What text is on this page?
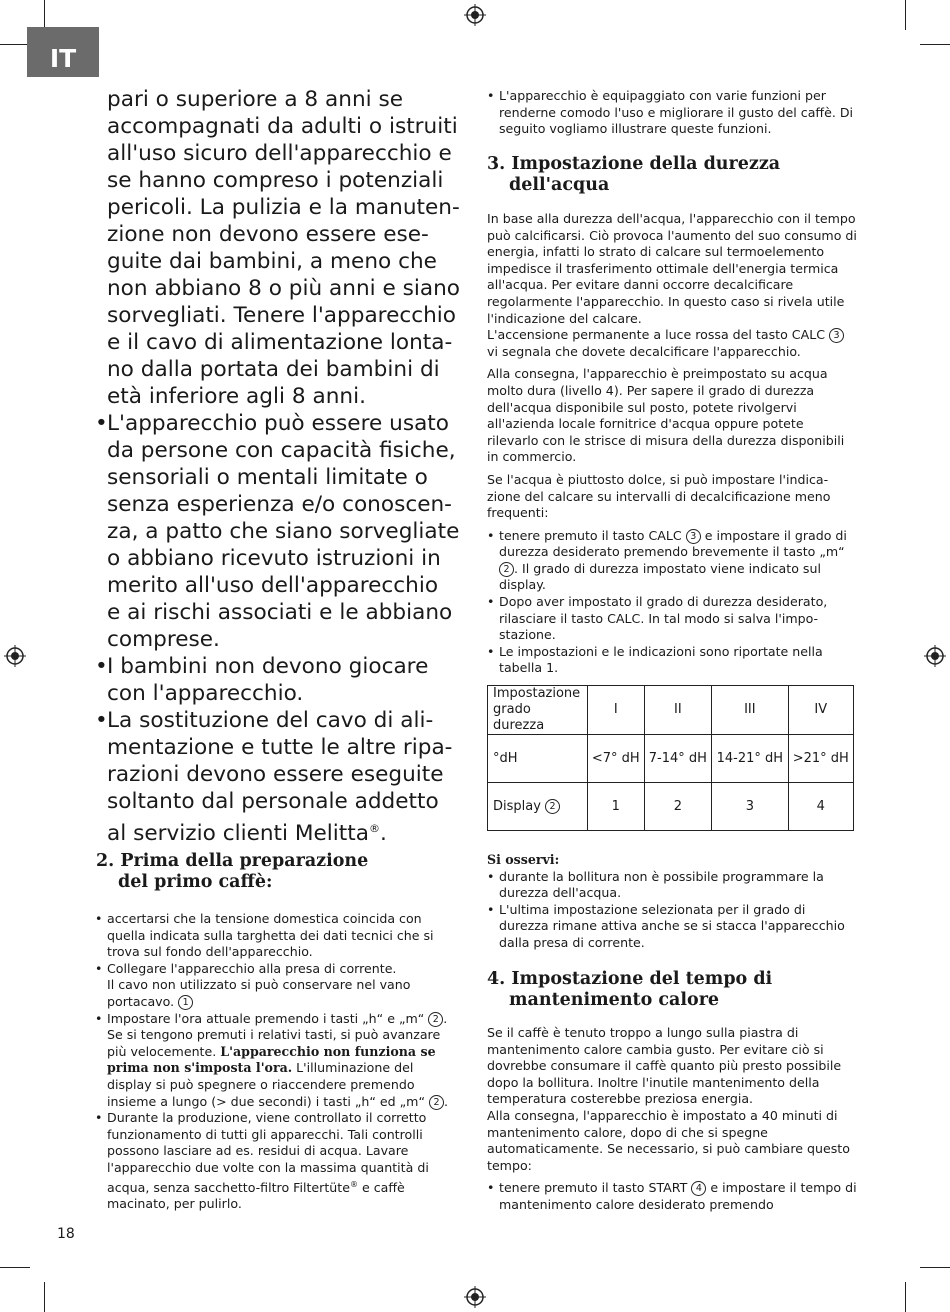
IT

pari o superiore a 8 anni se
accompagnati da adulti o istruiti
all'uso sicuro dell'apparecchio e
se hanno compreso i potenziali
pericoli. La pulizia e la manuten-
zione non devono essere ese-
guite dai bambini, a meno che
non abbiano 8 o più anni e siano
sorvegliati. Tenere l'apparecchio
e il cavo di alimentazione lonta-
no dalla portata dei bambini di
età inferiore agli 8 anni.

• L'apparecchio può essere usato
da persone con capacità fisiche,
sensoriali o mentali limitate o
senza esperienza e/o conoscen-
za, a patto che siano sorvegliate
o abbiano ricevuto istruzioni in
merito all'uso dell'apparecchio
e ai rischi associati e le abbiano
comprese.

• I bambini non devono giocare
con l'apparecchio.

• La sostituzione del cavo di ali-
mentazione e tutte le altre ripa-
razioni devono essere eseguite
soltanto dal personale addetto
al servizio clienti Melitta®.

2. Prima della preparazione
del primo caffè:
• accertarsi che la tensione domestica coincida con quella indicata sulla targhetta dei dati tecnici che si trova sul fondo dell'apparecchio.
• Collegare l'apparecchio alla presa di corrente.
Il cavo non utilizzato si può conservare nel vano portacavo. 1
• Impostare l'ora attuale premendo i tasti „h“ e „m“ 2 . Se si tengono premuti i relativi tasti, si può avanzare più velocemente. L'apparecchio non funziona se prima non s'imposta l'ora. L'illuminazione del display si può spegnere o riaccendere premendo insieme a lungo (> due secondi) i tasti „h“ ed „m“ 2 .
• Durante la produzione, viene controllato il corretto funzionamento di tutti gli apparecchi. Tali controlli possono lasciare ad es. residui di acqua. Lavare l'apparecchio due volte con la massima quantità di acqua, senza sacchetto-filtro Filtertüte® e caffè macinato, per pulirlo.
18
• L'apparecchio è equipaggiato con varie funzioni per renderne comodo l'uso e migliorare il gusto del caffè. Di seguito vogliamo illustrare queste funzioni.
3. Impostazione della durezza
dell'acqua

In base alla durezza dell'acqua, l'apparecchio con il tempo può calcificarsi. Ciò provoca l'aumento del suo consumo di energia, infatti lo strato di calcare sul termoelemento impedisce il trasferimento ottimale dell'energia termica all'acqua. Per evitare danni occorre decalcificare regolarmente l'apparecchio. In questo caso si rivela utile l'indicazione del calcare.
L'accensione permanente a luce rossa del tasto CALC 3
vi segnala che dovete decalcificare l'apparecchio.

Alla consegna, l'apparecchio è preimpostato su acqua molto dura (livello 4). Per sapere il grado di durezza dell'acqua disponibile sul posto, potete rivolgervi all'azienda locale fornitrice d'acqua oppure potete rilevarlo con le strisce di misura della durezza disponibili in commercio.

Se l'acqua è piuttosto dolce, si può impostare l'indica-zione del calcare su intervalli di decalcificazione meno frequenti:

• tenere premuto il tasto CALC 3 e impostare il grado di durezza desiderato premendo brevemente il tasto „m“ 2 . Il grado di durezza impostato viene indicato sul display.
• Dopo aver impostato il grado di durezza desiderato, rilasciare il tasto CALC. In tal modo si salva l'impo-stazione.
• Le impostazioni e le indicazioni sono riportate nella tabella 1.
Impostazione grado durezza	I	II	III	IV
°dH	<7° dH	7-14° dH	14-21° dH	>21° dH
Display 2	1	2	3	4
Si osservi:
• durante la bollitura non è possibile programmare la durezza dell'acqua.
• L'ultima impostazione selezionata per il grado di durezza rimane attiva anche se si stacca l'apparecchio dalla presa di corrente.
4. Impostazione del tempo di
mantenimento calore

Se il caffè è tenuto troppo a lungo sulla piastra di mantenimento calore cambia gusto. Per evitare ciò si dovrebbe consumare il caffè quanto più presto possibile dopo la bollitura. Inoltre l'inutile mantenimento della temperatura costerebbe preziosa energia.

Alla consegna, l'apparecchio è impostato a 40 minuti di mantenimento calore, dopo di che si spegne automaticamente. Se necessario, si può cambiare questo tempo:

• tenere premuto il tasto START 4 e impostare il tempo di mantenimento calore desiderato premendo
